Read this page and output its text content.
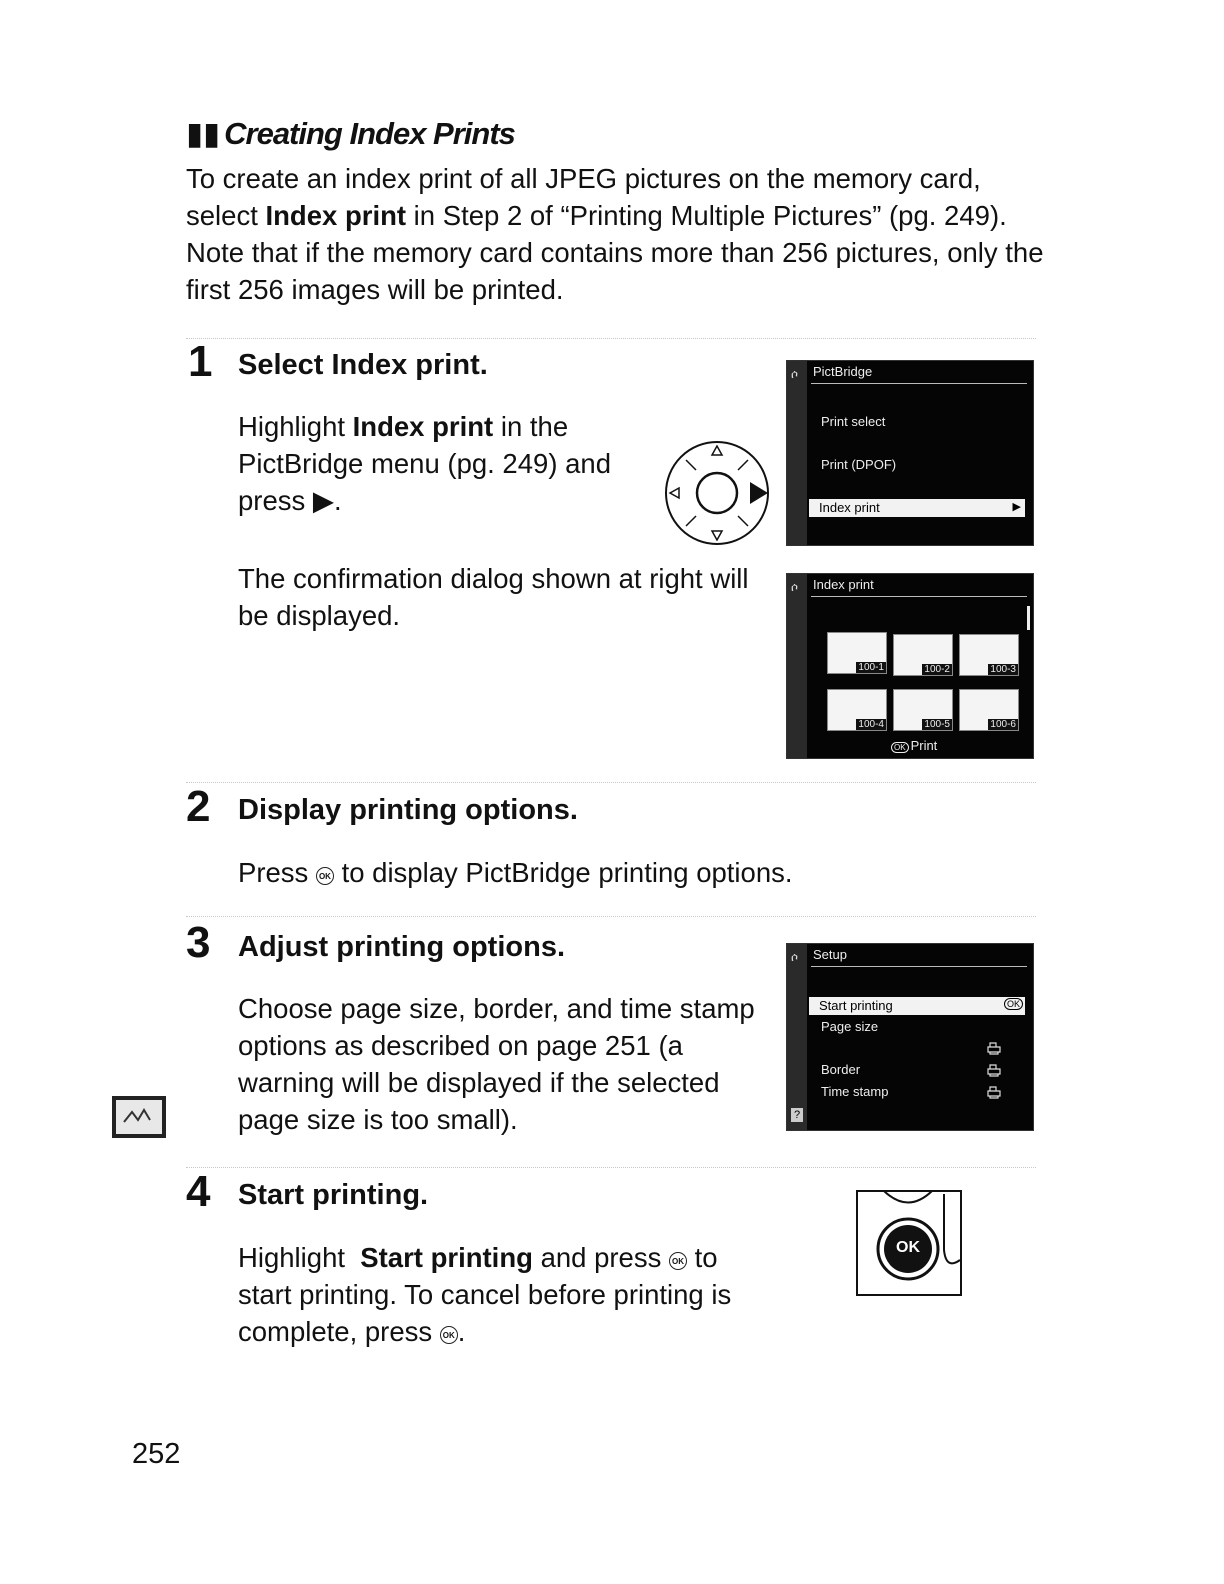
▮▮ Creating Index Prints
To create an index print of all JPEG pictures on the memory card, select Index print in Step 2 of “Printing Multiple Pictures” (pg. 249). Note that if the memory card contains more than 256 pictures, only the first 256 images will be printed.
1 Select Index print.
Highlight Index print in the PictBridge menu (pg. 249) and press ▶.
The confirmation dialog shown at right will be displayed.
ሶ PictBridge
Print select
Print (DPOF)
Index print	▶
ሶ Index print
100-1	100-2	100-3
100-4	100-5	100-6
OK Print
2 Display printing options.
Press OK to display PictBridge printing options.
3 Adjust printing options.
Choose page size, border, and time stamp options as described on page 251 (a warning will be displayed if the selected page size is too small).
ሶ Setup
Start printing	OK
Page size
Border
Time stamp
?
4 Start printing.
Highlight  Start printing and press OK to start printing. To cancel before printing is complete, press OK .
OK
252
